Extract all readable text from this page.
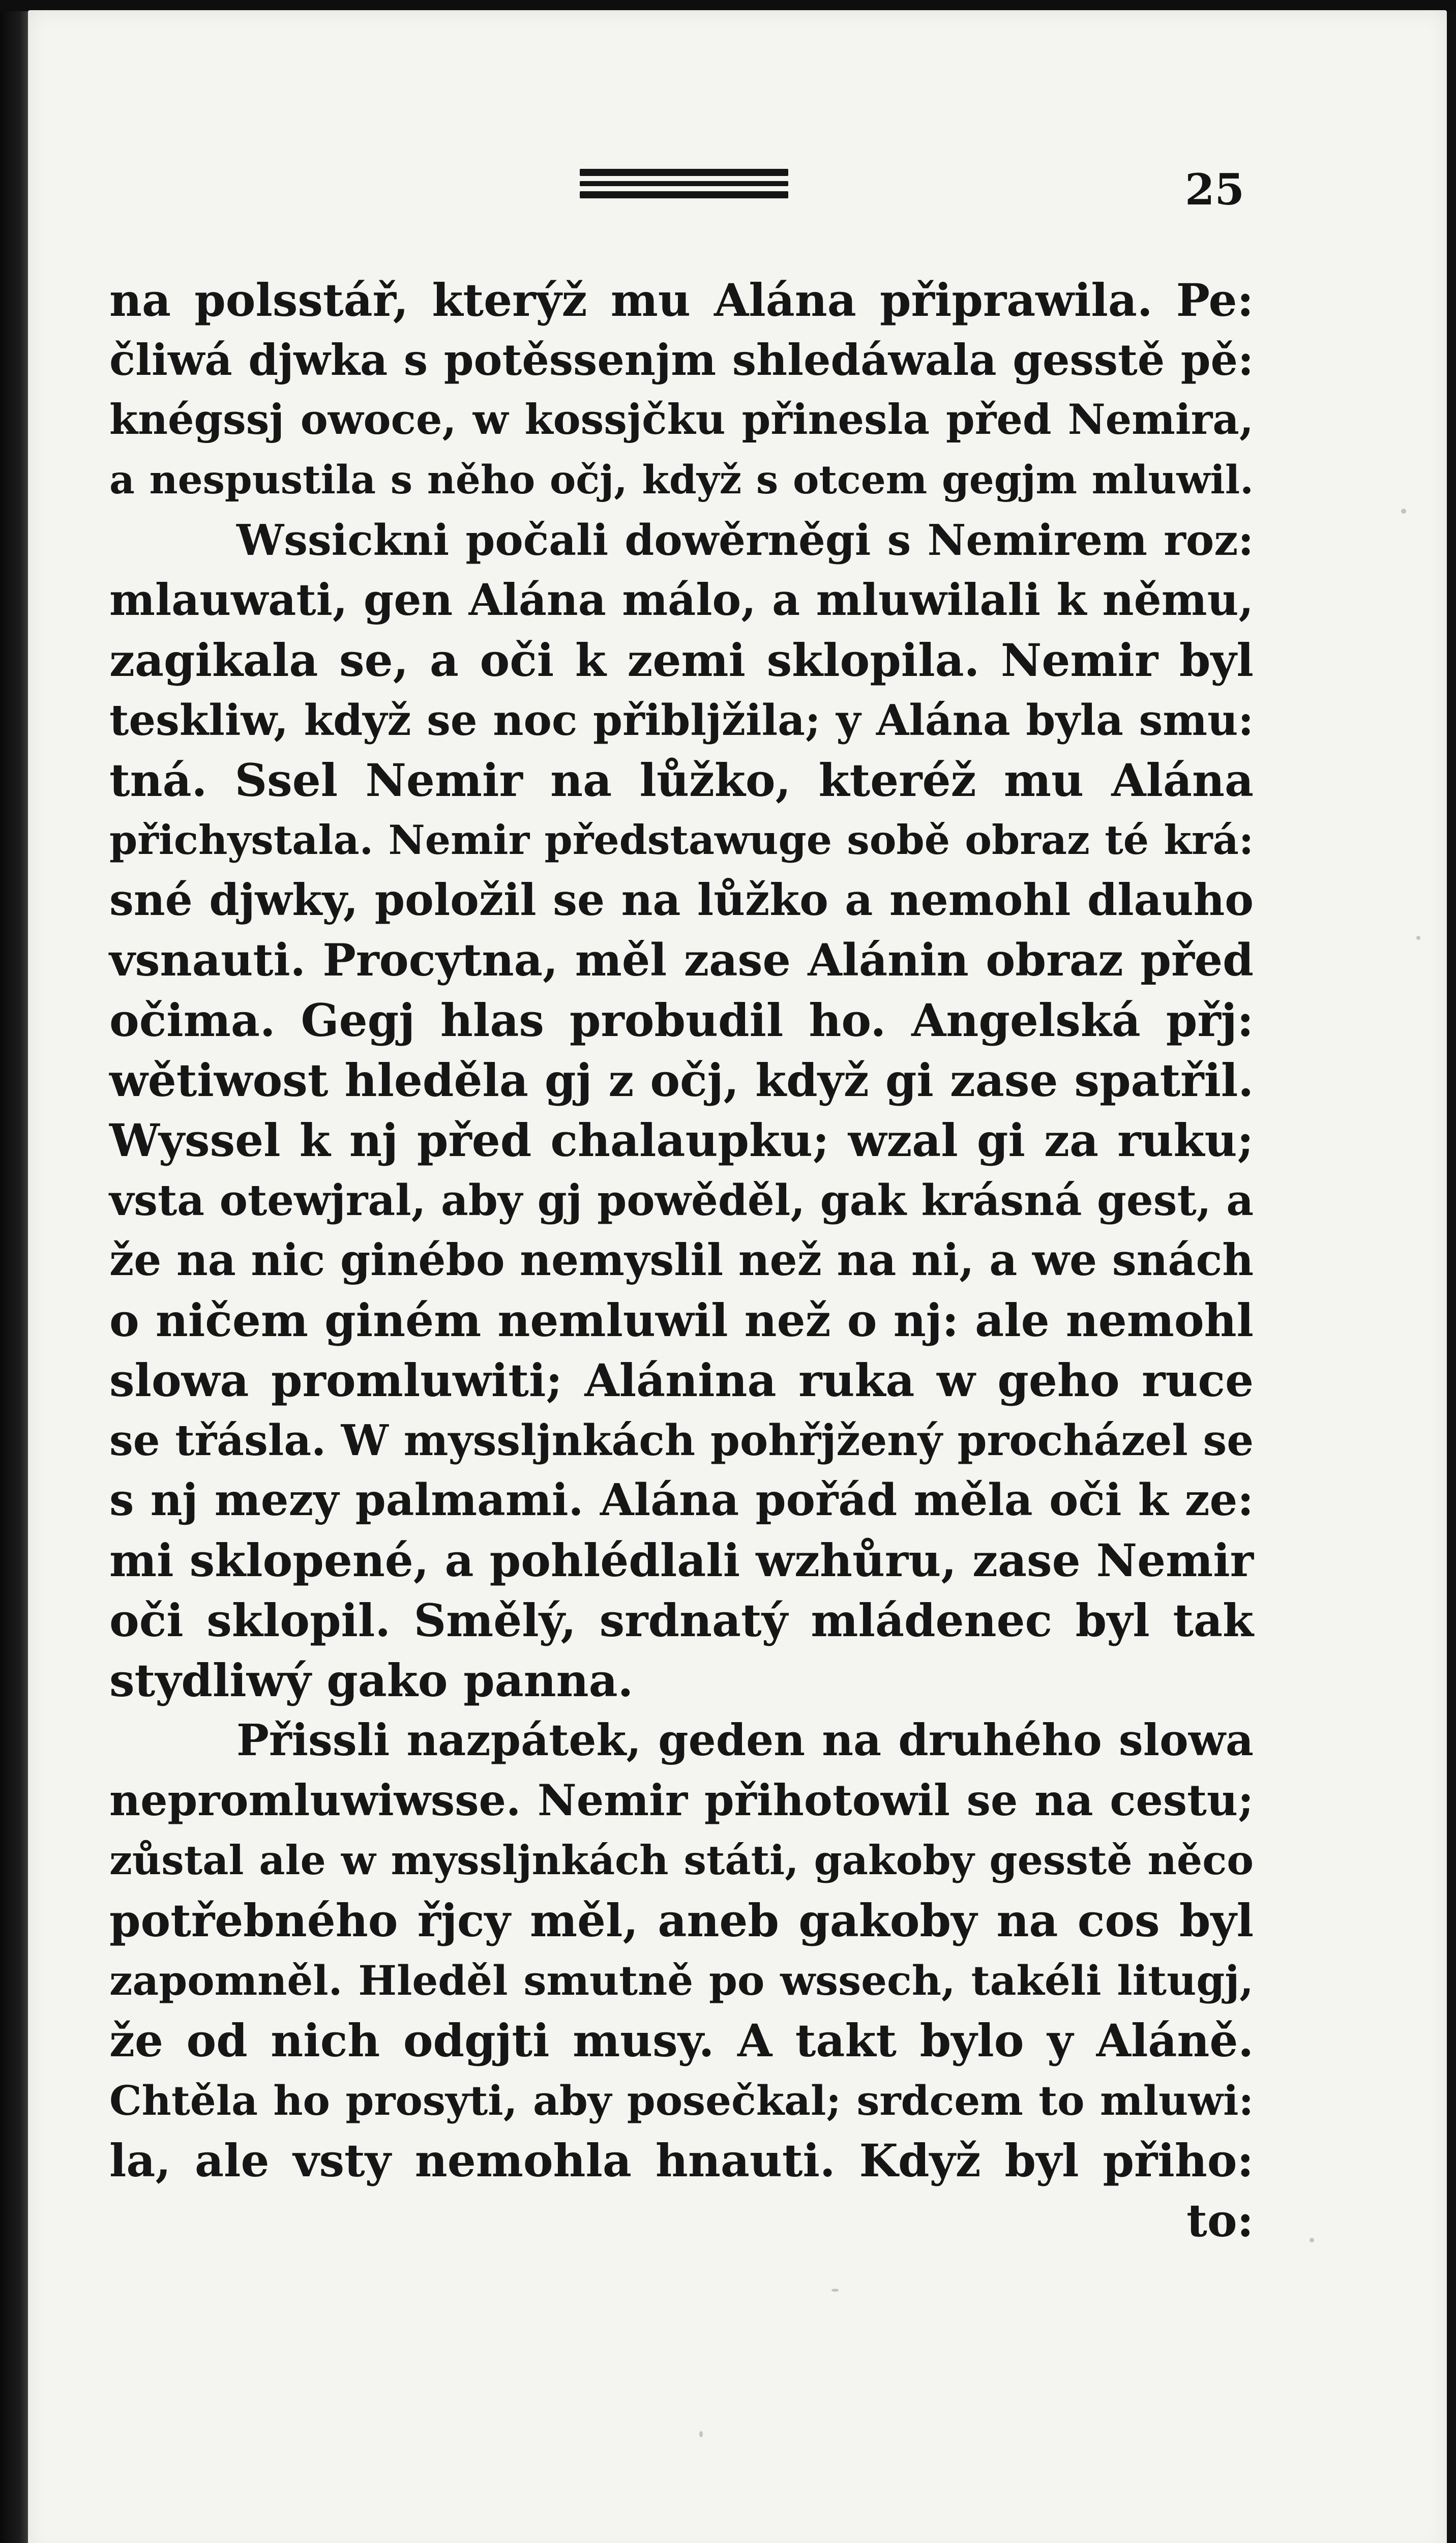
25
na polsstář, kterýž mu Alána připrawila. Pe:
čliwá djwka s potěssenjm shledáwala gesstě pě:
knégssj owoce, w kossjčku přinesla před Nemira,
a nespustila s něho očj, když s otcem gegjm mluwil.
Wssickni počali dowěrněgi s Nemirem roz:
mlauwati, gen Alána málo, a mluwilali k němu,
zagikala se, a oči k zemi sklopila. Nemir byl
teskliw, když se noc přibljžila; y Alána byla smu:
tná. Ssel Nemir na lůžko, kteréž mu Alána
přichystala. Nemir předstawuge sobě obraz té krá:
sné djwky, položil se na lůžko a nemohl dlauho
vsnauti. Procytna, měl zase Alánin obraz před
očima. Gegj hlas probudil ho. Angelská přj:
wětiwost hleděla gj z očj, když gi zase spatřil.
Wyssel k nj před chalaupku; wzal gi za ruku;
vsta otewjral, aby gj powěděl, gak krásná gest, a
že na nic ginébo nemyslil než na ni, a we snách
o ničem giném nemluwil než o nj: ale nemohl
slowa promluwiti; Alánina ruka w geho ruce
se třásla. W myssljnkách pohřjžený procházel se
s nj mezy palmami. Alána pořád měla oči k ze:
mi sklopené, a pohlédlali wzhůru, zase Nemir
oči sklopil. Smělý, srdnatý mládenec byl tak
stydliwý gako panna.
Přissli nazpátek, geden na druhého slowa
nepromluwiwsse. Nemir přihotowil se na cestu;
zůstal ale w myssljnkách státi, gakoby gesstě něco
potřebného řjcy měl, aneb gakoby na cos byl
zapomněl. Hleděl smutně po wssech, takéli litugj,
že od nich odgjti musy. A takt bylo y Aláně.
Chtěla ho prosyti, aby posečkal; srdcem to mluwi:
la, ale vsty nemohla hnauti. Když byl přiho:
to:
